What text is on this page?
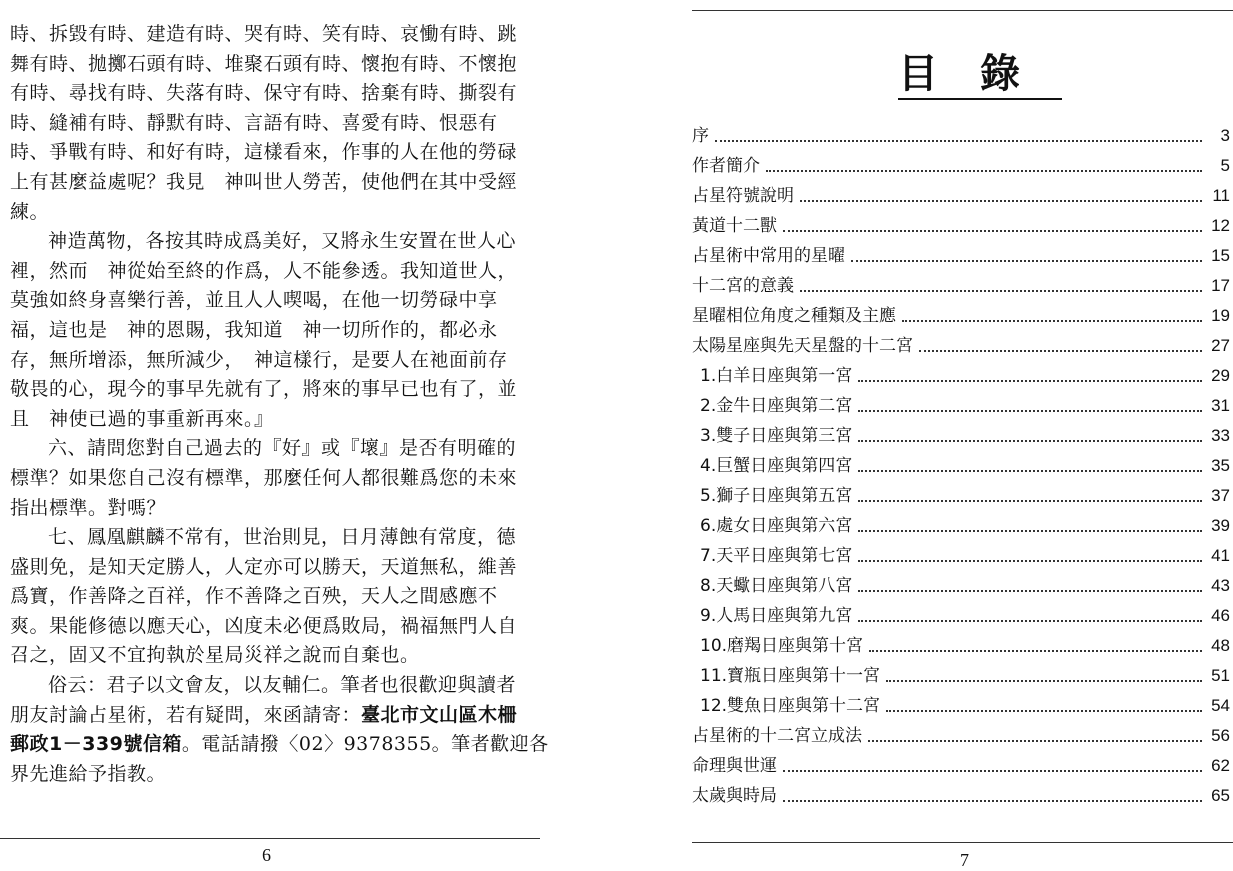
時、拆毀有時、建造有時、哭有時、笑有時、哀慟有時、跳
舞有時、拋擲石頭有時、堆聚石頭有時、懷抱有時、不懷抱
有時、尋找有時、失落有時、保守有時、捨棄有時、撕裂有
時、縫補有時、靜默有時、言語有時、喜愛有時、恨惡有
時、爭戰有時、和好有時，這樣看來，作事的人在他的勞碌
上有甚麼益處呢？我見　神叫世人勞苦，使他們在其中受經
練。
神造萬物，各按其時成爲美好，又將永生安置在世人心
裡，然而　神從始至終的作爲，人不能參透。我知道世人，
莫強如終身喜樂行善，並且人人喫喝，在他一切勞碌中享
福，這也是　神的恩賜，我知道　神一切所作的，都必永
存，無所增添，無所減少，　神這樣行，是要人在祂面前存
敬畏的心，現今的事早先就有了，將來的事早已也有了，並
且　神使已過的事重新再來。』
六、請問您對自己過去的『好』或『壞』是否有明確的
標準？如果您自己沒有標準，那麼任何人都很難爲您的未來
指出標準。對嗎？
七、鳳凰麒麟不常有，世治則見，日月薄蝕有常度，德
盛則免，是知天定勝人，人定亦可以勝天，天道無私，維善
爲寶，作善降之百祥，作不善降之百殃，天人之間感應不
爽。果能修德以應天心，凶度未必便爲敗局，禍福無門人自
召之，固又不宜拘執於星局災祥之說而自棄也。
俗云：君子以文會友，以友輔仁。筆者也很歡迎與讀者
朋友討論占星術，若有疑問，來函請寄：臺北市文山區木柵
郵政1－339號信箱。電話請撥〈02〉9378355。筆者歡迎各
界先進給予指教。
6
目錄
序	3
作者簡介	5
占星符號說明	11
黃道十二獸	12
占星術中常用的星曜	15
十二宮的意義	17
星曜相位角度之種類及主應	19
太陽星座與先天星盤的十二宮	27
1.白羊日座與第一宮	29
2.金牛日座與第二宮	31
3.雙子日座與第三宮	33
4.巨蟹日座與第四宮	35
5.獅子日座與第五宮	37
6.處女日座與第六宮	39
7.天平日座與第七宮	41
8.天蠍日座與第八宮	43
9.人馬日座與第九宮	46
10.磨羯日座與第十宮	48
11.寶瓶日座與第十一宮	51
12.雙魚日座與第十二宮	54
占星術的十二宮立成法	56
命理與世運	62
太歲與時局	65
7
